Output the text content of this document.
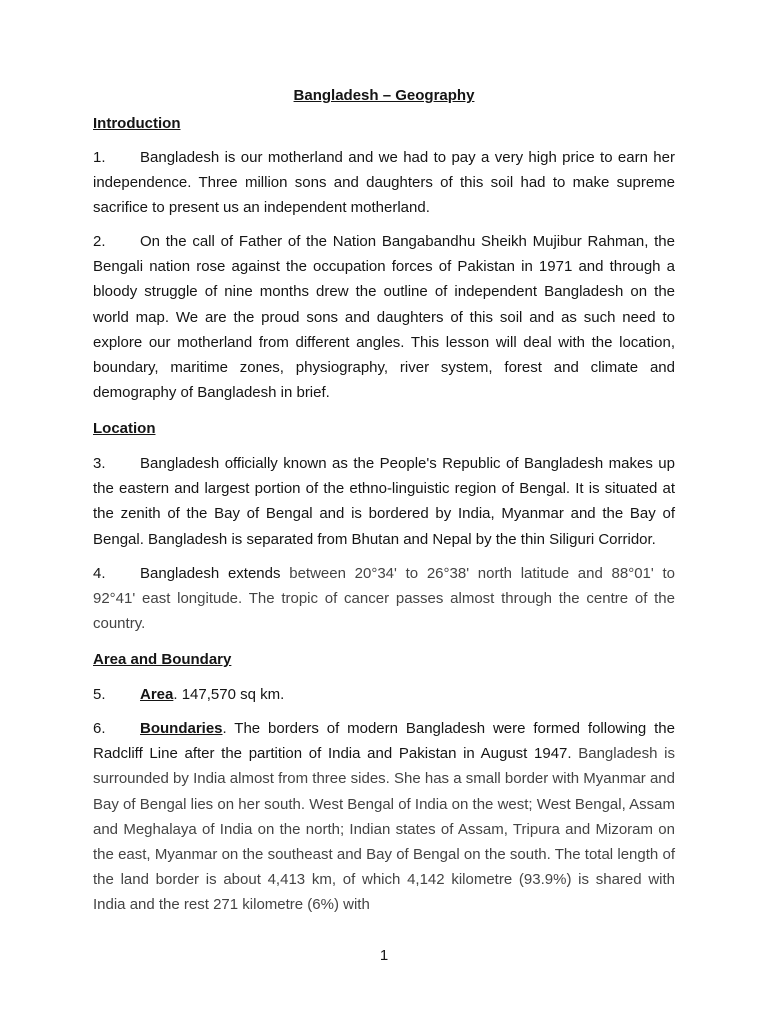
Bangladesh – Geography
Introduction
1. Bangladesh is our motherland and we had to pay a very high price to earn her independence. Three million sons and daughters of this soil had to make supreme sacrifice to present us an independent motherland.
2. On the call of Father of the Nation Bangabandhu Sheikh Mujibur Rahman, the Bengali nation rose against the occupation forces of Pakistan in 1971 and through a bloody struggle of nine months drew the outline of independent Bangladesh on the world map. We are the proud sons and daughters of this soil and as such need to explore our motherland from different angles. This lesson will deal with the location, boundary, maritime zones, physiography, river system, forest and climate and demography of Bangladesh in brief.
Location
3. Bangladesh officially known as the People's Republic of Bangladesh makes up the eastern and largest portion of the ethno-linguistic region of Bengal. It is situated at the zenith of the Bay of Bengal and is bordered by India, Myanmar and the Bay of Bengal. Bangladesh is separated from Bhutan and Nepal by the thin Siliguri Corridor.
4. Bangladesh extends between 20°34' to 26°38' north latitude and 88°01' to 92°41' east longitude. The tropic of cancer passes almost through the centre of the country.
Area and Boundary
5. Area. 147,570 sq km.
6. Boundaries. The borders of modern Bangladesh were formed following the Radcliff Line after the partition of India and Pakistan in August 1947. Bangladesh is surrounded by India almost from three sides. She has a small border with Myanmar and Bay of Bengal lies on her south. West Bengal of India on the west; West Bengal, Assam and Meghalaya of India on the north; Indian states of Assam, Tripura and Mizoram on the east, Myanmar on the southeast and Bay of Bengal on the south. The total length of the land border is about 4,413 km, of which 4,142 kilometre (93.9%) is shared with India and the rest 271 kilometre (6%) with
1
